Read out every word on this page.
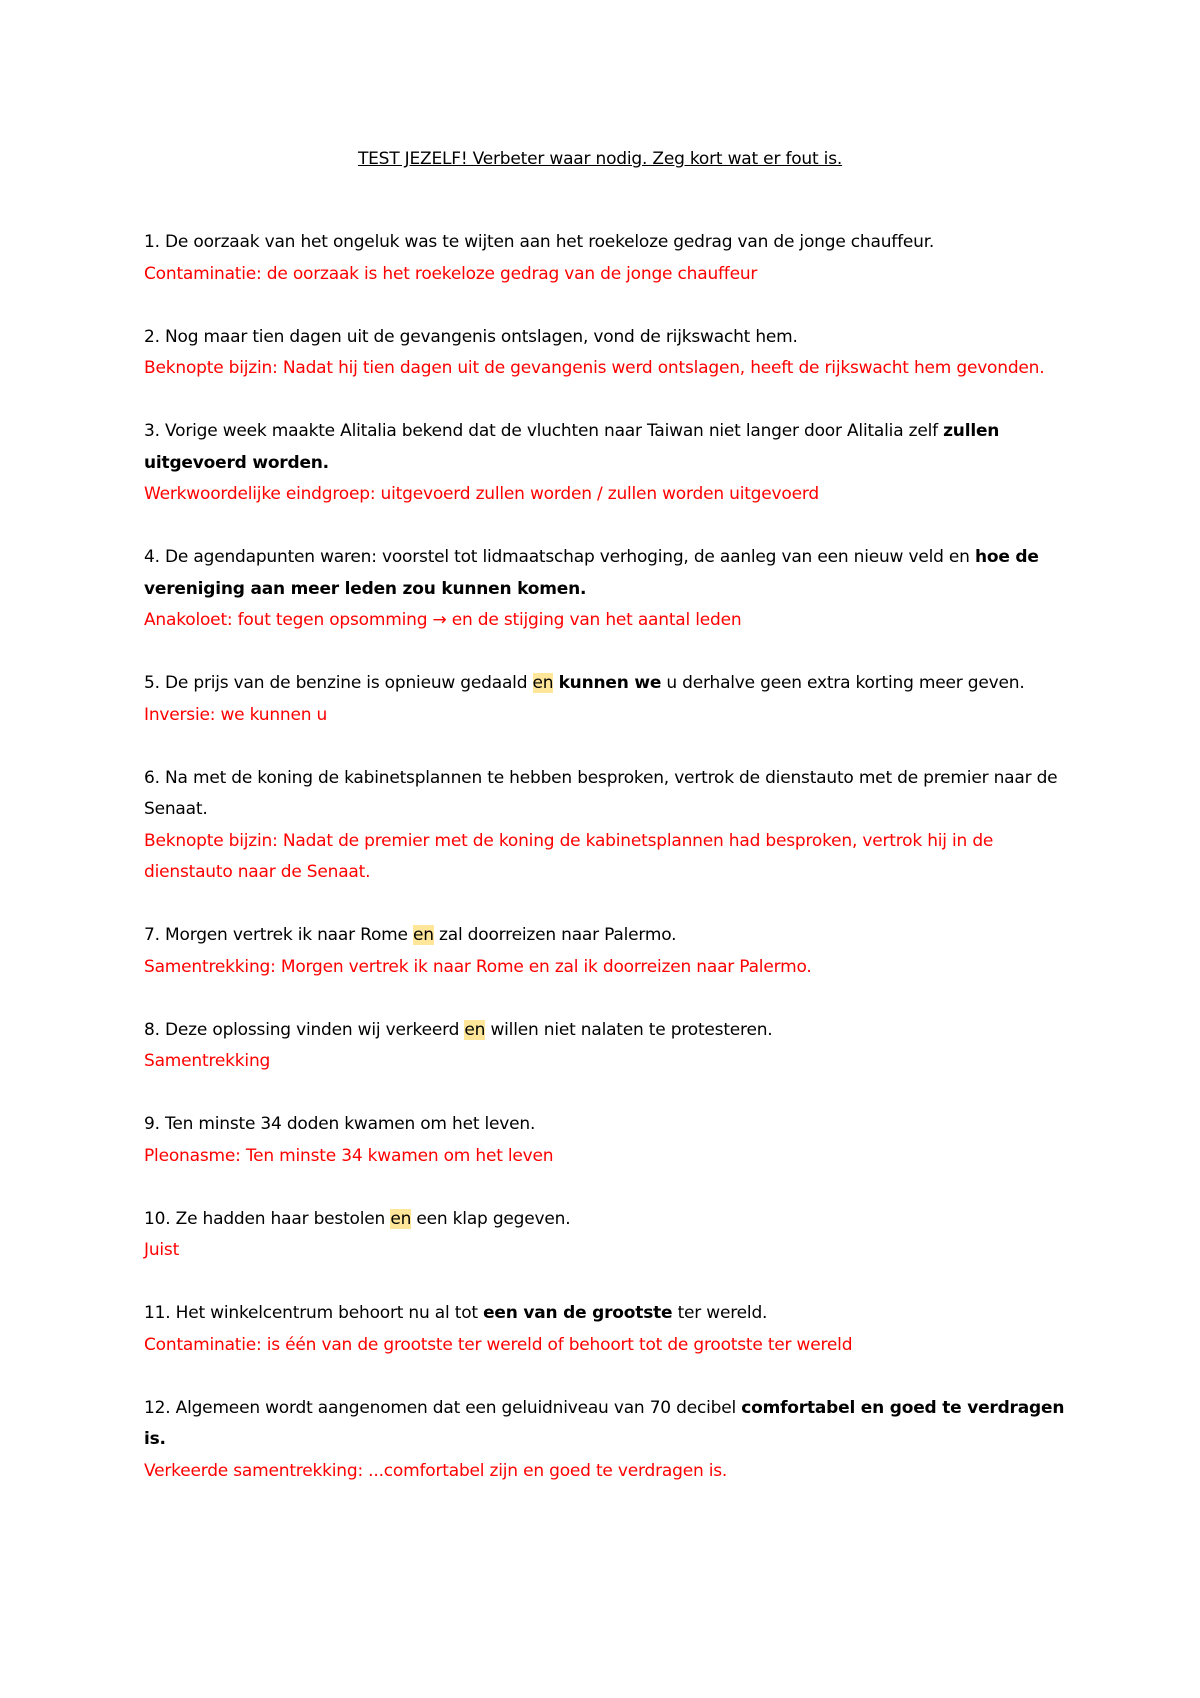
TEST JEZELF! Verbeter waar nodig. Zeg kort wat er fout is.

1. De oorzaak van het ongeluk was te wijten aan het roekeloze gedrag van de jonge chauffeur.

Contaminatie: de oorzaak is het roekeloze gedrag van de jonge chauffeur

2. Nog maar tien dagen uit de gevangenis ontslagen, vond de rijkswacht hem.

Beknopte bijzin: Nadat hij tien dagen uit de gevangenis werd ontslagen, heeft de rijkswacht hem gevonden.

3. Vorige week maakte Alitalia bekend dat de vluchten naar Taiwan niet langer door Alitalia zelf zullen uitgevoerd worden.

Werkwoordelijke eindgroep: uitgevoerd zullen worden / zullen worden uitgevoerd

4. De agendapunten waren: voorstel tot lidmaatschap verhoging, de aanleg van een nieuw veld en hoe de vereniging aan meer leden zou kunnen komen.

Anakoloet: fout tegen opsomming → en de stijging van het aantal leden

5. De prijs van de benzine is opnieuw gedaald en kunnen we u derhalve geen extra korting meer geven.

Inversie: we kunnen u

6. Na met de koning de kabinetsplannen te hebben besproken, vertrok de dienstauto met de premier naar de Senaat.

Beknopte bijzin: Nadat de premier met de koning de kabinetsplannen had besproken, vertrok hij in de dienstauto naar de Senaat.

7. Morgen vertrek ik naar Rome en zal doorreizen naar Palermo.

Samentrekking: Morgen vertrek ik naar Rome en zal ik doorreizen naar Palermo.

8. Deze oplossing vinden wij verkeerd en willen niet nalaten te protesteren.

Samentrekking

9. Ten minste 34 doden kwamen om het leven.

Pleonasme: Ten minste 34 kwamen om het leven

10. Ze hadden haar bestolen en een klap gegeven.

Juist

11. Het winkelcentrum behoort nu al tot een van de grootste ter wereld.

Contaminatie: is één van de grootste ter wereld of behoort tot de grootste ter wereld

12. Algemeen wordt aangenomen dat een geluidniveau van 70 decibel comfortabel en goed te verdragen is.

Verkeerde samentrekking: ...comfortabel zijn en goed te verdragen is.
